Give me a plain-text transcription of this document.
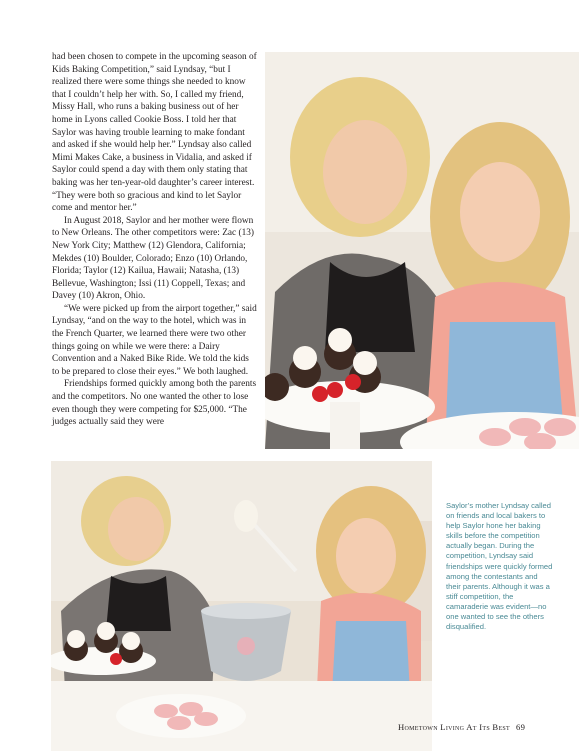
had been chosen to compete in the upcoming season of Kids Baking Competition,” said Lyndsay, “but I realized there were some things she needed to know that I couldn’t help her with. So, I called my friend, Missy Hall, who runs a baking business out of her home in Lyons called Cookie Boss. I told her that Saylor was having trouble learning to make fondant and asked if she would help her.” Lyndsay also called Mimi Makes Cake, a business in Vidalia, and asked if Saylor could spend a day with them only stating that baking was her ten-year-old daughter’s career interest. “They were both so gracious and kind to let Saylor come and mentor her.”

In August 2018, Saylor and her mother were flown to New Orleans. The other competitors were: Zac (13) New York City; Matthew (12) Glendora, California; Mekdes (10) Boulder, Colorado; Enzo (10) Orlando, Florida; Taylor (12) Kailua, Hawaii; Natasha, (13) Bellevue, Washington; Issi (11) Coppell, Texas; and Davey (10) Akron, Ohio.

“We were picked up from the airport together,” said Lyndsay, “and on the way to the hotel, which was in the French Quarter, we learned there were two other things going on while we were there: a Dairy Convention and a Naked Bike Ride. We told the kids to be prepared to close their eyes.” We both laughed.

Friendships formed quickly among both the parents and the competitors. No one wanted the other to lose even though they were competing for $25,000. “The judges actually said they were

Saylor’s mother Lyndsay called on friends and local bakers to help Saylor hone her baking skills before the competition actually began. During the competition, Lyndsay said friendships were quickly formed among the contestants and their parents. Although it was a stiff competition, the camaraderie was evident—no one wanted to see the others disqualified.

Hometown Living At Its Best 69
